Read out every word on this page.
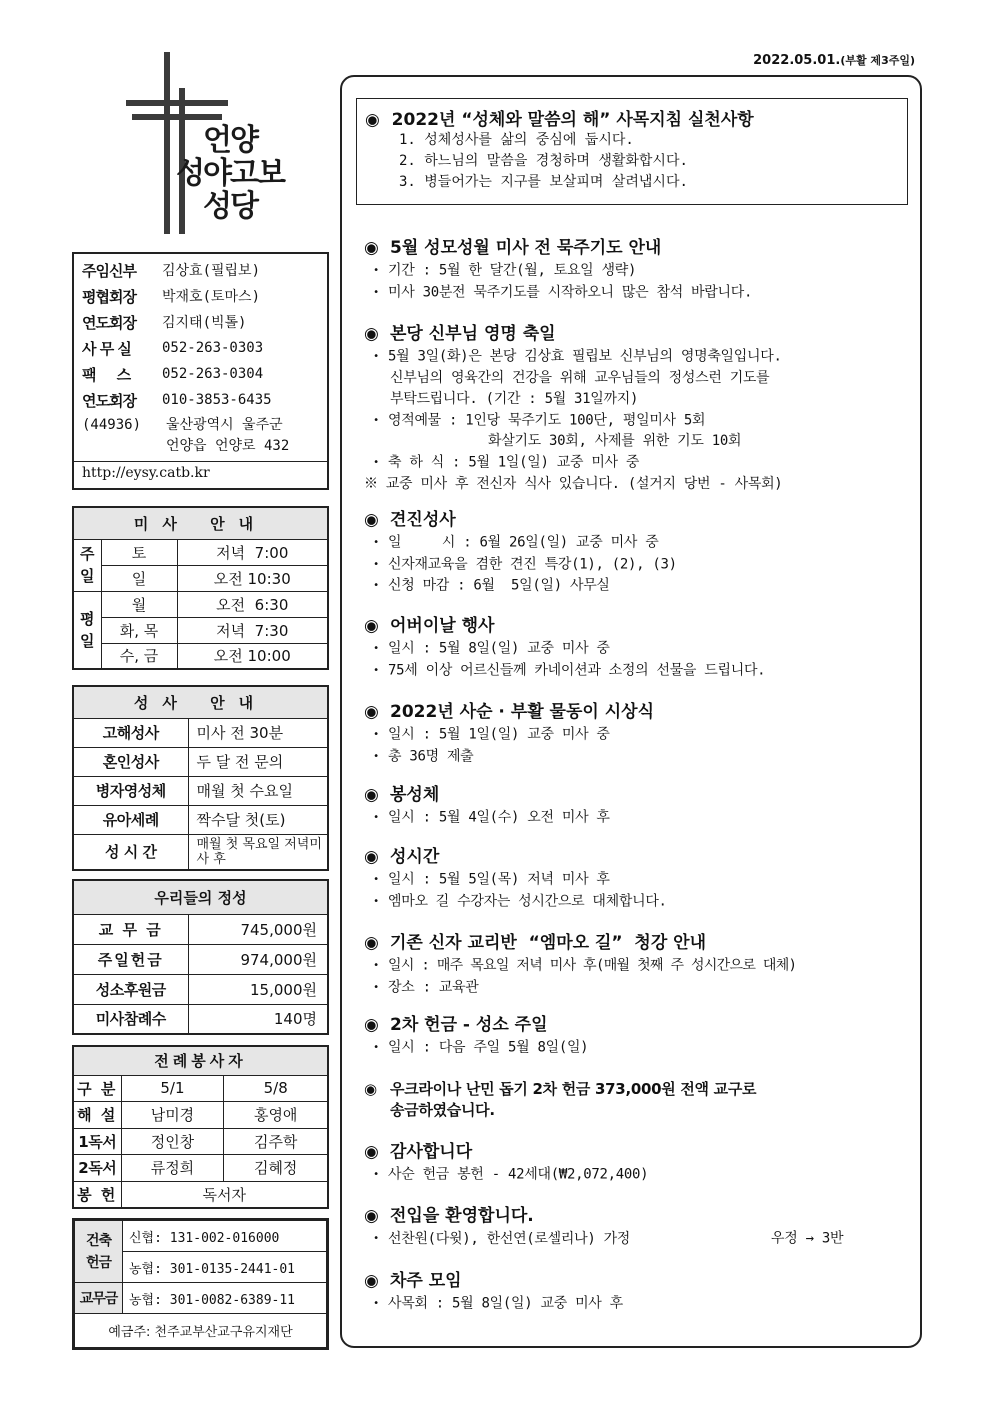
2022.05.01.(부활 제3주일)
언양
성야고보
성당
주임신부	김상효(필립보)
평협회장	박재호(토마스)
연도회장	김지태(빅톨)
사 무 실	052-263-0303
팩     스	052-263-0304
연도회장	010-3853-6435
(44936)	울산광역시 울주군
언양읍 언양로 432
http://eysy.catb.kr
미사 안내		
주일	토	저녁  7:00
	일	오전 10:30
평일	월	오전  6:30
	화, 목	저녁  7:30
	수, 금	오전 10:00
성사 안내	
고해성사	미사 전 30분
혼인성사	두 달 전 문의
병자영성체	매월 첫 수요일
유아세례	짝수달 첫(토)
성 시 간	매월 첫 목요일 저녁미사 후
우리들의 정성	
교 무 금	745,000원
주일헌금	974,000원
성소후원금	15,000원
미사참례수	140명
전례봉사자		
구 분	5/1	5/8
해 설	남미경	홍영애
1독서	정인창	김주학
2독서	류정희	김혜정
봉 헌	독서자	
건축헌금	신협: 131-002-016000
	농협: 301-0135-2441-01
교무금	농협: 301-0082-6389-11
예금주: 천주교부산교구유지재단	
◉  2022년 “성체와 말씀의 해” 사목지침 실천사항
1. 성체성사를 삶의 중심에 둡시다.
2. 하느님의 말씀을 경청하며 생활화합시다.
3. 병들어가는 지구를 보살피며 살려냅시다.
◉ 5월 성모성월 미사 전 묵주기도 안내
• 기간 : 5월 한 달간(월, 토요일 생략)
• 미사 30분전 묵주기도를 시작하오니 많은 참석 바랍니다.
◉ 본당 신부님 영명 축일
• 5월 3일(화)은 본당 김상효 필립보 신부님의 영명축일입니다.
신부님의 영육간의 건강을 위해 교우님들의 정성스런 기도를
부탁드립니다. (기간 : 5월 31일까지)
• 영적예물 : 1인당 묵주기도 100단, 평일미사 5회
화살기도 30회, 사제를 위한 기도 10회
• 축 하 식 : 5월 1일(일) 교중 미사 중
※ 교중 미사 후 전신자 식사 있습니다. (설거지 당번 - 사목회)
◉ 견진성사
• 일     시 : 6월 26일(일) 교중 미사 중
• 신자재교육을 겸한 견진 특강(1), (2), (3)
• 신청 마감 : 6월  5일(일) 사무실
◉ 어버이날 행사
• 일시 : 5월 8일(일) 교중 미사 중
• 75세 이상 어르신들께 카네이션과 소정의 선물을 드립니다.
◉ 2022년 사순 · 부활 물동이 시상식
• 일시 : 5월 1일(일) 교중 미사 중
• 총 36명 제출
◉ 봉성체
• 일시 : 5월 4일(수) 오전 미사 후
◉ 성시간
• 일시 : 5월 5일(목) 저녁 미사 후
• 엠마오 길 수강자는 성시간으로 대체합니다.
◉ 기존 신자 교리반  “엠마오 길”  청강 안내
• 일시 : 매주 목요일 저녁 미사 후(매월 첫째 주 성시간으로 대체)
• 장소 : 교육관
◉ 2차 헌금 - 성소 주일
• 일시 : 다음 주일 5월 8일(일)
◉ 우크라이나 난민 돕기 2차 헌금 373,000원 전액 교구로
송금하였습니다.
◉ 감사합니다
• 사순 헌금 봉헌 - 42세대(₩2,072,400)
◉ 전입을 환영합니다.
• 선찬원(다윗), 한선연(로셀리나) 가정	우정 → 3반
◉ 차주 모임
• 사목회 : 5월 8일(일) 교중 미사 후
